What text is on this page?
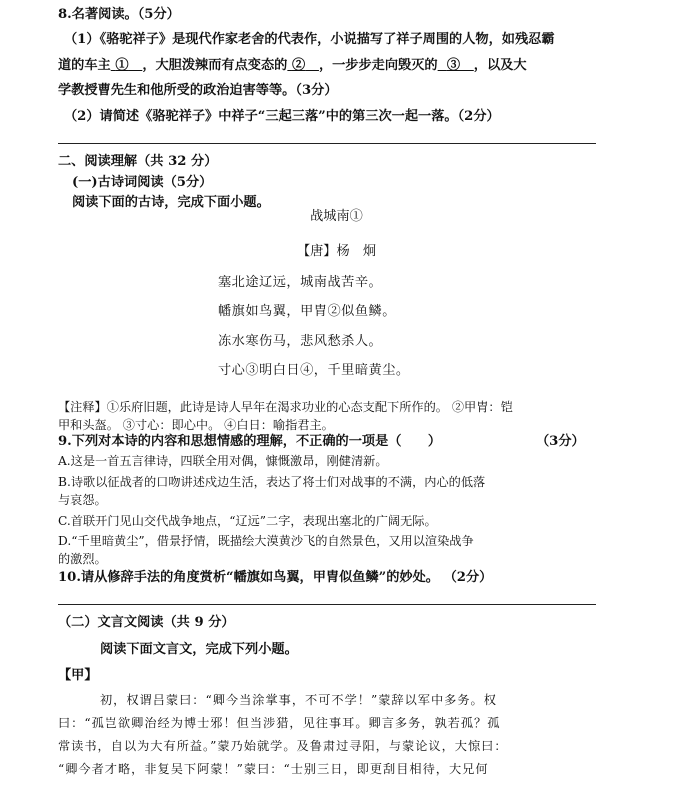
8.名著阅读。（5分）
（1）《骆驼祥子》是现代作家老舍的代表作，小说描写了祥子周围的人物，如残忍霸
道的车主 ① ，大胆泼辣而有点变态的 ② ，一步步走向毁灭的 ③ ，以及大
学教授曹先生和他所受的政治迫害等等。（3分）
（2）请简述《骆驼祥子》中祥子“三起三落”中的第三次一起一落。（2分）
二、阅读理解（共 32 分）
(一)古诗词阅读（5分）
阅读下面的古诗，完成下面小题。
战城南①
【唐】杨　炯
塞北途辽远，城南战苦辛。
幡旗如鸟翼，甲胄②似鱼鳞。
冻水寒伤马，悲风愁杀人。
寸心③明白日④，千里暗黄尘。
【注释】①乐府旧题，此诗是诗人早年在渴求功业的心态支配下所作的。 ②甲胄：铠
甲和头盔。 ③寸心：即心中。 ④白日：喻指君主。
9.下列对本诗的内容和思想情感的理解，不正确的一项是（　　）	（3分）
A.这是一首五言律诗，四联全用对偶，慷慨激昂，刚健清新。
B.诗歌以征战者的口吻讲述戍边生活，表达了将士们对战事的不满，内心的低落
与哀怨。
C.首联开门见山交代战争地点，“辽远”二字，表现出塞北的广阔无际。
D.“千里暗黄尘”，借景抒情，既描绘大漠黄沙飞的自然景色，又用以渲染战争
的激烈。
10.请从修辞手法的角度赏析“幡旗如鸟翼，甲胄似鱼鳞”的妙处。 （2分）
（二）文言文阅读（共 9 分）
阅读下面文言文，完成下列小题。
【甲】
初，权谓吕蒙曰：“卿今当涂掌事，不可不学！”蒙辞以军中多务。权
曰：“孤岂欲卿治经为博士邪！但当涉猎，见往事耳。卿言多务，孰若孤？孤
常读书，自以为大有所益。”蒙乃始就学。及鲁肃过寻阳，与蒙论议，大惊曰：
“卿今者才略，非复吴下阿蒙！”蒙曰：“士别三日，即更刮目相待，大兄何
